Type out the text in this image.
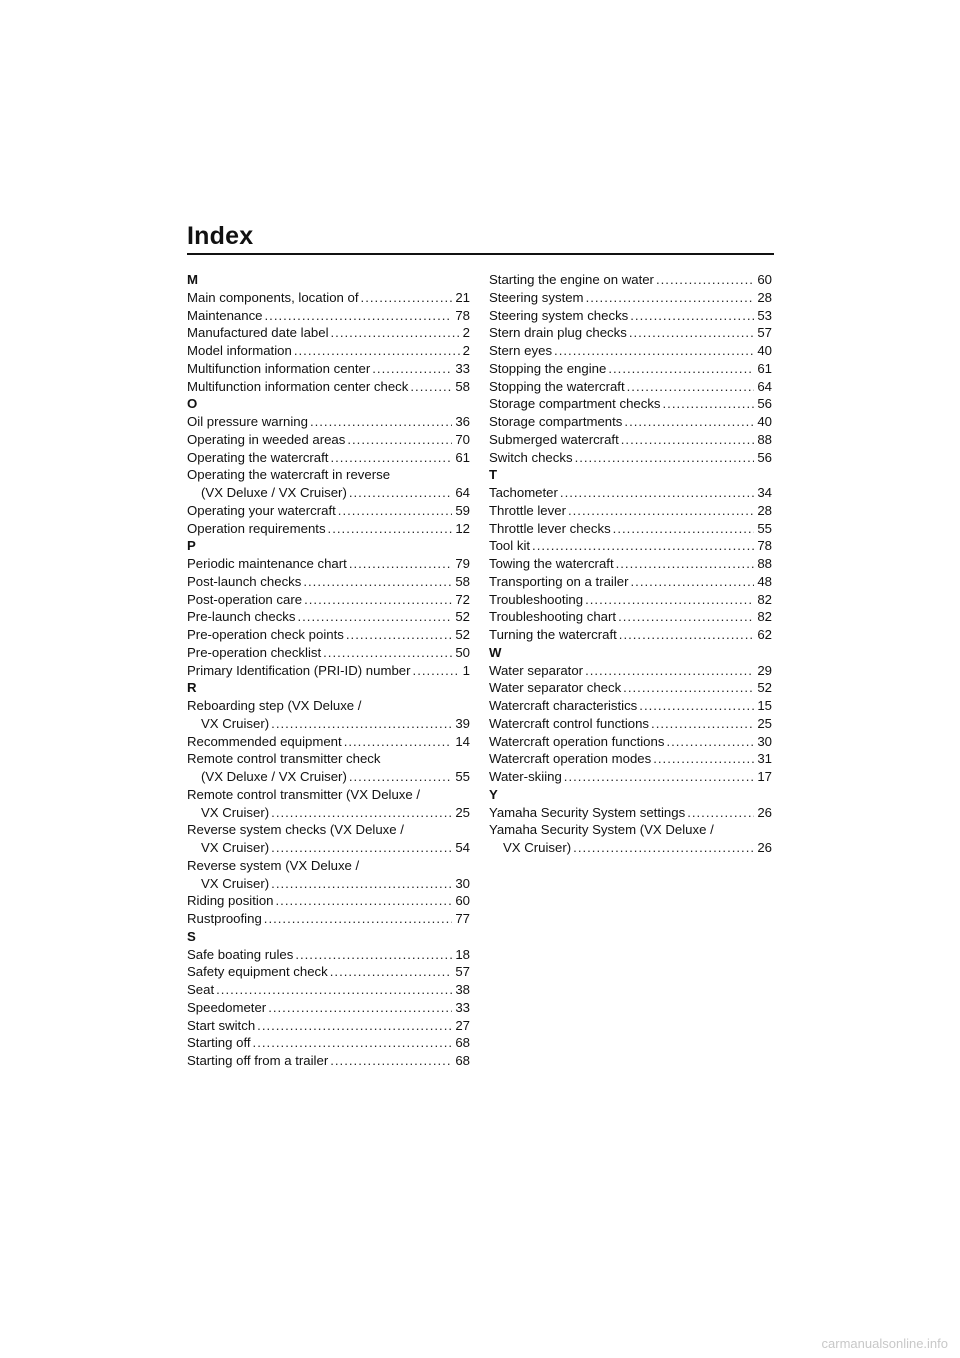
Index
M
Main components, location of .....	21
Maintenance .....	78
Manufactured date label .....	2
Model information .....	2
Multifunction information center .....	33
Multifunction information center check .....	58
O
Oil pressure warning .....	36
Operating in weeded areas .....	70
Operating the watercraft .....	61
Operating the watercraft in reverse
(VX Deluxe / VX Cruiser) .....	64
Operating your watercraft .....	59
Operation requirements .....	12
P
Periodic maintenance chart .....	79
Post-launch checks .....	58
Post-operation care .....	72
Pre-launch checks .....	52
Pre-operation check points .....	52
Pre-operation checklist .....	50
Primary Identification (PRI-ID) number .....	1
R
Reboarding step (VX Deluxe /
VX Cruiser) .....	39
Recommended equipment .....	14
Remote control transmitter check
(VX Deluxe / VX Cruiser) .....	55
Remote control transmitter (VX Deluxe /
VX Cruiser) .....	25
Reverse system checks (VX Deluxe /
VX Cruiser) .....	54
Reverse system (VX Deluxe /
VX Cruiser) .....	30
Riding position .....	60
Rustproofing .....	77
S
Safe boating rules .....	18
Safety equipment check .....	57
Seat .....	38
Speedometer .....	33
Start switch .....	27
Starting off .....	68
Starting off from a trailer .....	68
Starting the engine on water .....	60
Steering system .....	28
Steering system checks .....	53
Stern drain plug checks .....	57
Stern eyes .....	40
Stopping the engine .....	61
Stopping the watercraft .....	64
Storage compartment checks .....	56
Storage compartments .....	40
Submerged watercraft .....	88
Switch checks .....	56
T
Tachometer .....	34
Throttle lever .....	28
Throttle lever checks .....	55
Tool kit .....	78
Towing the watercraft .....	88
Transporting on a trailer .....	48
Troubleshooting .....	82
Troubleshooting chart .....	82
Turning the watercraft .....	62
W
Water separator .....	29
Water separator check .....	52
Watercraft characteristics .....	15
Watercraft control functions .....	25
Watercraft operation functions .....	30
Watercraft operation modes .....	31
Water-skiing .....	17
Y
Yamaha Security System settings .....	26
Yamaha Security System (VX Deluxe /
VX Cruiser) .....	26
carmanualsonline.info
